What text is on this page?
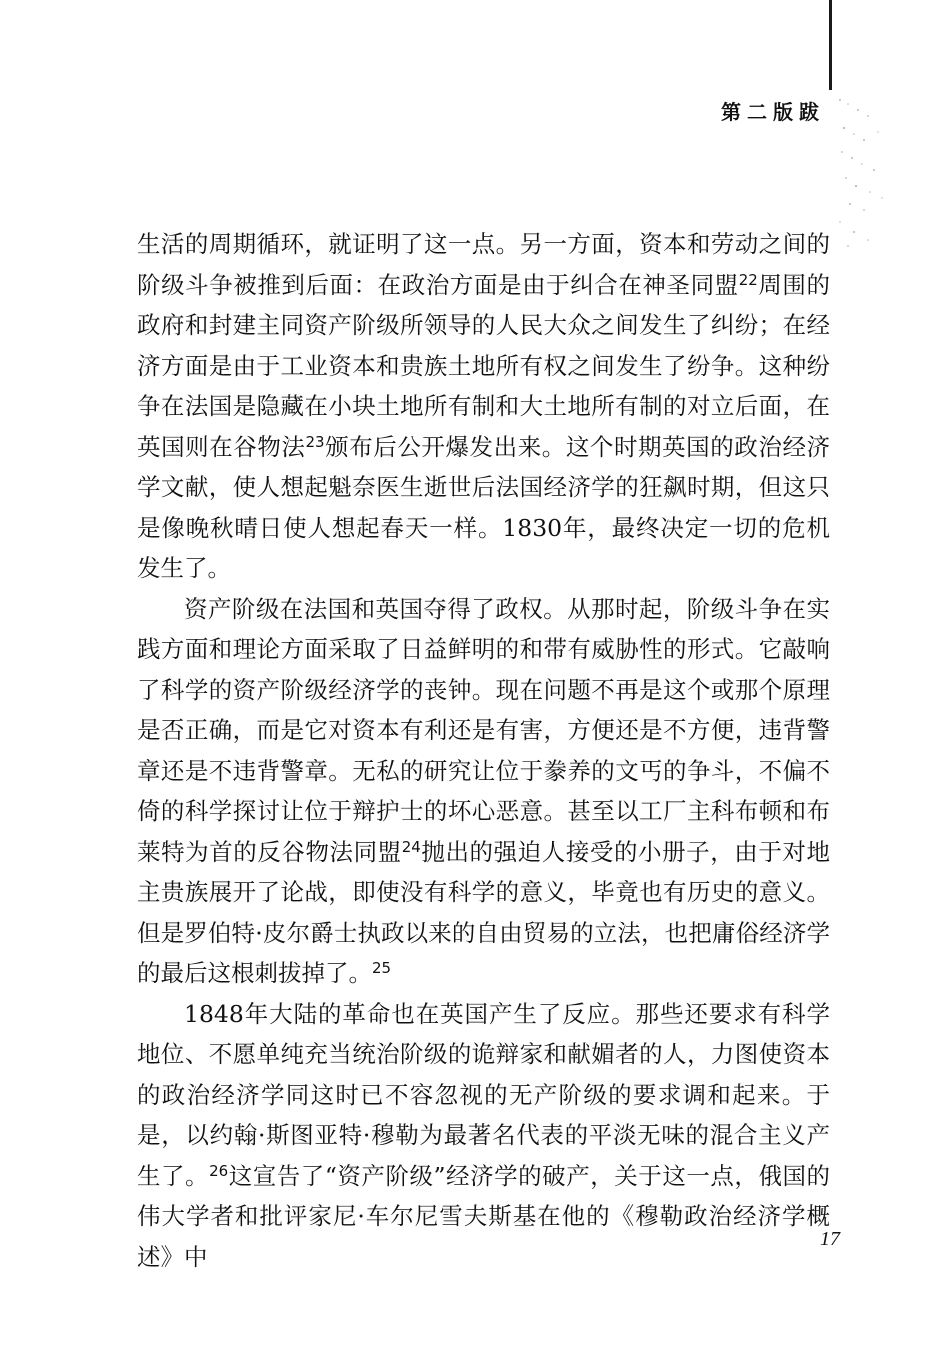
第二版跋

生活的周期循环，就证明了这一点。另一方面，资本和劳动之间的阶级斗争被推到后面：在政治方面是由于纠合在神圣同盟$^{22}$周围的政府和封建主同资产阶级所领导的人民大众之间发生了纠纷；在经济方面是由于工业资本和贵族土地所有权之间发生了纷争。这种纷争在法国是隐藏在小块土地所有制和大土地所有制的对立后面，在英国则在谷物法$^{23}$颁布后公开爆发出来。这个时期英国的政治经济学文献，使人想起魁奈医生逝世后法国经济学的狂飙时期，但这只是像晚秋晴日使人想起春天一样。1830年，最终决定一切的危机发生了。

资产阶级在法国和英国夺得了政权。从那时起，阶级斗争在实践方面和理论方面采取了日益鲜明的和带有威胁性的形式。它敲响了科学的资产阶级经济学的丧钟。现在问题不再是这个或那个原理是否正确，而是它对资本有利还是有害，方便还是不方便，违背警章还是不违背警章。无私的研究让位于豢养的文丐的争斗，不偏不倚的科学探讨让位于辩护士的坏心恶意。甚至以工厂主科布顿和布莱特为首的反谷物法同盟$^{24}$抛出的强迫人接受的小册子，由于对地主贵族展开了论战，即使没有科学的意义，毕竟也有历史的意义。但是罗伯特·皮尔爵士执政以来的自由贸易的立法，也把庸俗经济学的最后这根刺拔掉了。$^{25}$

1848年大陆的革命也在英国产生了反应。那些还要求有科学地位、不愿单纯充当统治阶级的诡辩家和献媚者的人，力图使资本的政治经济学同这时已不容忽视的无产阶级的要求调和起来。于是，以约翰·斯图亚特·穆勒为最著名代表的平淡无味的混合主义产生了。$^{26}$这宣告了“资产阶级”经济学的破产，关于这一点，俄国的伟大学者和批评家尼·车尔尼雪夫斯基在他的《穆勒政治经济学概述》中

17
